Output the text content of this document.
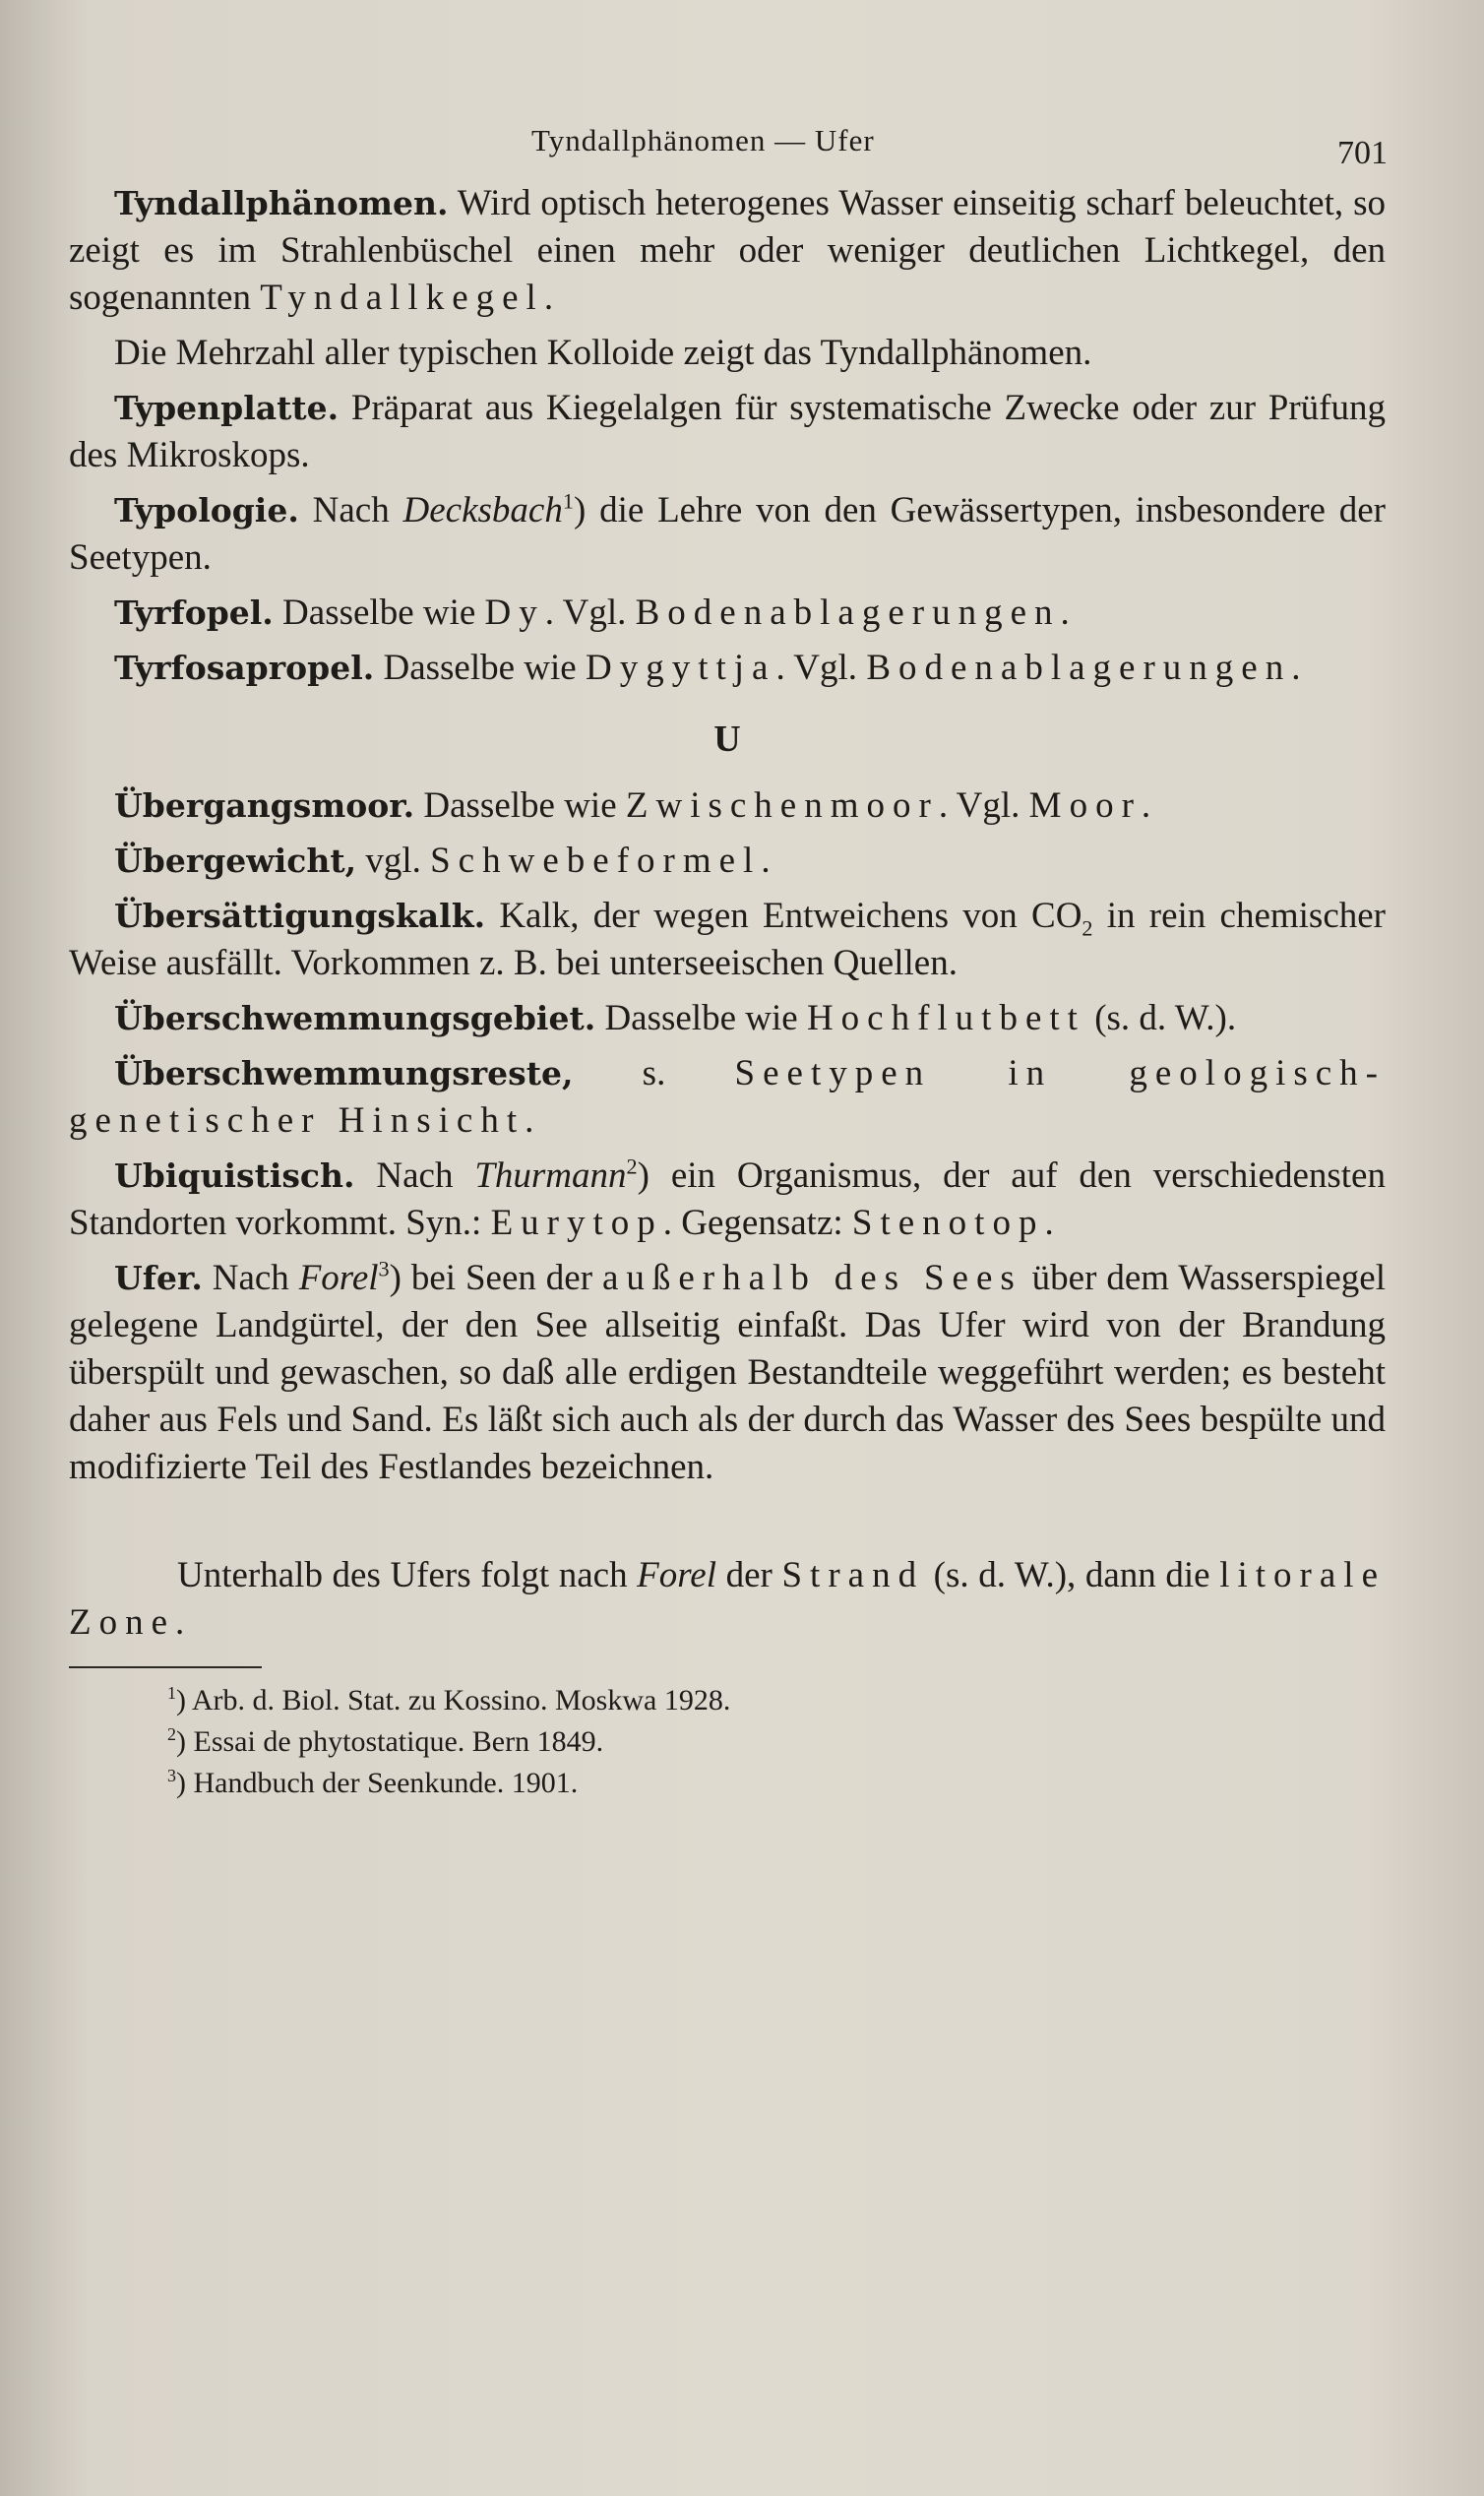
Tyndallphänomen — Ufer	701

Tyndallphänomen. Wird optisch heterogenes Wasser einseitig scharf beleuchtet, so zeigt es im Strahlenbüschel einen mehr oder weniger deutlichen Lichtkegel, den sogenannten Tyndallkegel.

Die Mehrzahl aller typischen Kolloide zeigt das Tyndallphänomen.

Typenplatte. Präparat aus Kiegelalgen für systematische Zwecke oder zur Prüfung des Mikroskops.

Typologie. Nach Decksbach$^1$) die Lehre von den Gewässertypen, insbesondere der Seetypen.

Tyrfopel. Dasselbe wie Dy. Vgl. Bodenablagerungen.

Tyrfosapropel. Dasselbe wie Dygyttja. Vgl. Bodenablagerungen.

U

Übergangsmoor. Dasselbe wie Zwischenmoor. Vgl. Moor.

Übergewicht, vgl. Schwebeformel.

Übersättigungskalk. Kalk, der wegen Entweichens von $CO_2$ in rein chemischer Weise ausfällt. Vorkommen z. B. bei unterseeischen Quellen.

Überschwemmungsgebiet. Dasselbe wie Hochflutbett (s. d. W.).

Überschwemmungsreste, s. Seetypen in geologisch-genetischer Hinsicht.

Ubiquistisch. Nach Thurmann$^2$) ein Organismus, der auf den verschiedensten Standorten vorkommt. Syn.: Eurytop. Gegensatz: Stenotop.

Ufer. Nach Forel$^3$) bei Seen der außerhalb des Sees über dem Wasserspiegel gelegene Landgürtel, der den See allseitig einfaßt. Das Ufer wird von der Brandung überspült und gewaschen, so daß alle erdigen Bestandteile weggeführt werden; es besteht daher aus Fels und Sand. Es läßt sich auch als der durch das Wasser des Sees bespülte und modifizierte Teil des Festlandes bezeichnen.

Unterhalb des Ufers folgt nach Forel der Strand (s. d. W.), dann die litorale Zone.

$^1$) Arb. d. Biol. Stat. zu Kossino. Moskwa 1928.
$^2$) Essai de phytostatique. Bern 1849.
$^3$) Handbuch der Seenkunde. 1901.
